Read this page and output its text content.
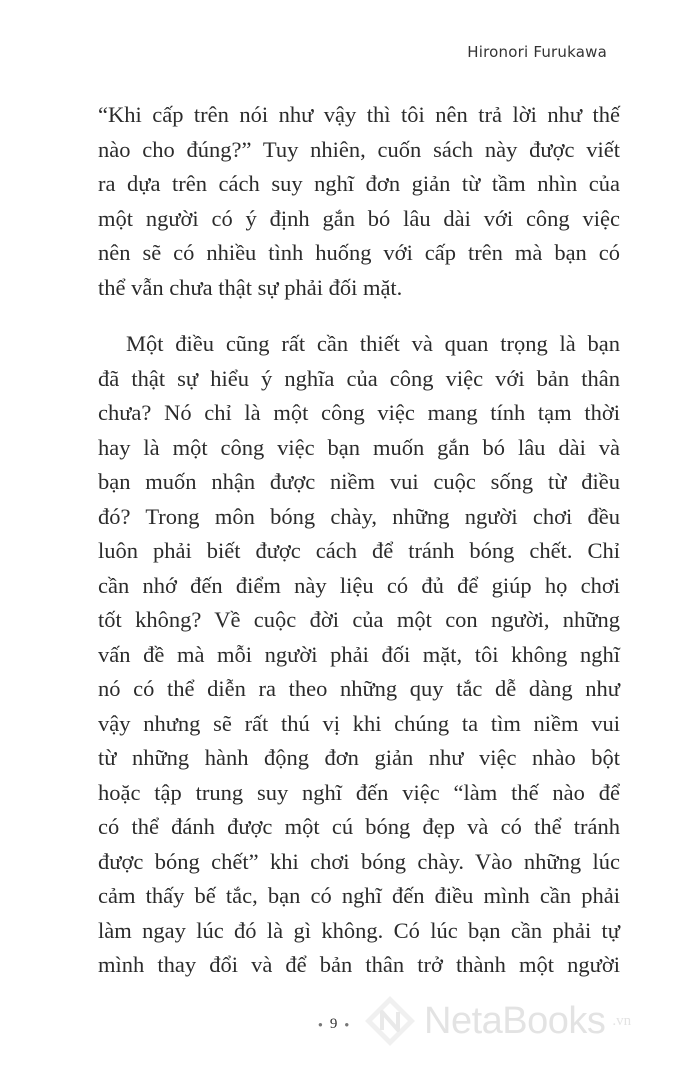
Hironori Furukawa
“Khi cấp trên nói như vậy thì tôi nên trả lời như thế
nào cho đúng?” Tuy nhiên, cuốn sách này được viết
ra dựa trên cách suy nghĩ đơn giản từ tầm nhìn của
một người có ý định gắn bó lâu dài với công việc
nên sẽ có nhiều tình huống với cấp trên mà bạn có
thể vẫn chưa thật sự phải đối mặt.
Một điều cũng rất cần thiết và quan trọng là bạn
đã thật sự hiểu ý nghĩa của công việc với bản thân
chưa? Nó chỉ là một công việc mang tính tạm thời
hay là một công việc bạn muốn gắn bó lâu dài và
bạn muốn nhận được niềm vui cuộc sống từ điều
đó? Trong môn bóng chày, những người chơi đều
luôn phải biết được cách để tránh bóng chết. Chỉ
cần nhớ đến điểm này liệu có đủ để giúp họ chơi
tốt không? Về cuộc đời của một con người, những
vấn đề mà mỗi người phải đối mặt, tôi không nghĩ
nó có thể diễn ra theo những quy tắc dễ dàng như
vậy nhưng sẽ rất thú vị khi chúng ta tìm niềm vui
từ những hành động đơn giản như việc nhào bột
hoặc tập trung suy nghĩ đến việc “làm thế nào để
có thể đánh được một cú bóng đẹp và có thể tránh
được bóng chết” khi chơi bóng chày. Vào những lúc
cảm thấy bế tắc, bạn có nghĩ đến điều mình cần phải
làm ngay lúc đó là gì không. Có lúc bạn cần phải tự
mình thay đổi và để bản thân trở thành một người
● 9 ● NetaBooks .vn
